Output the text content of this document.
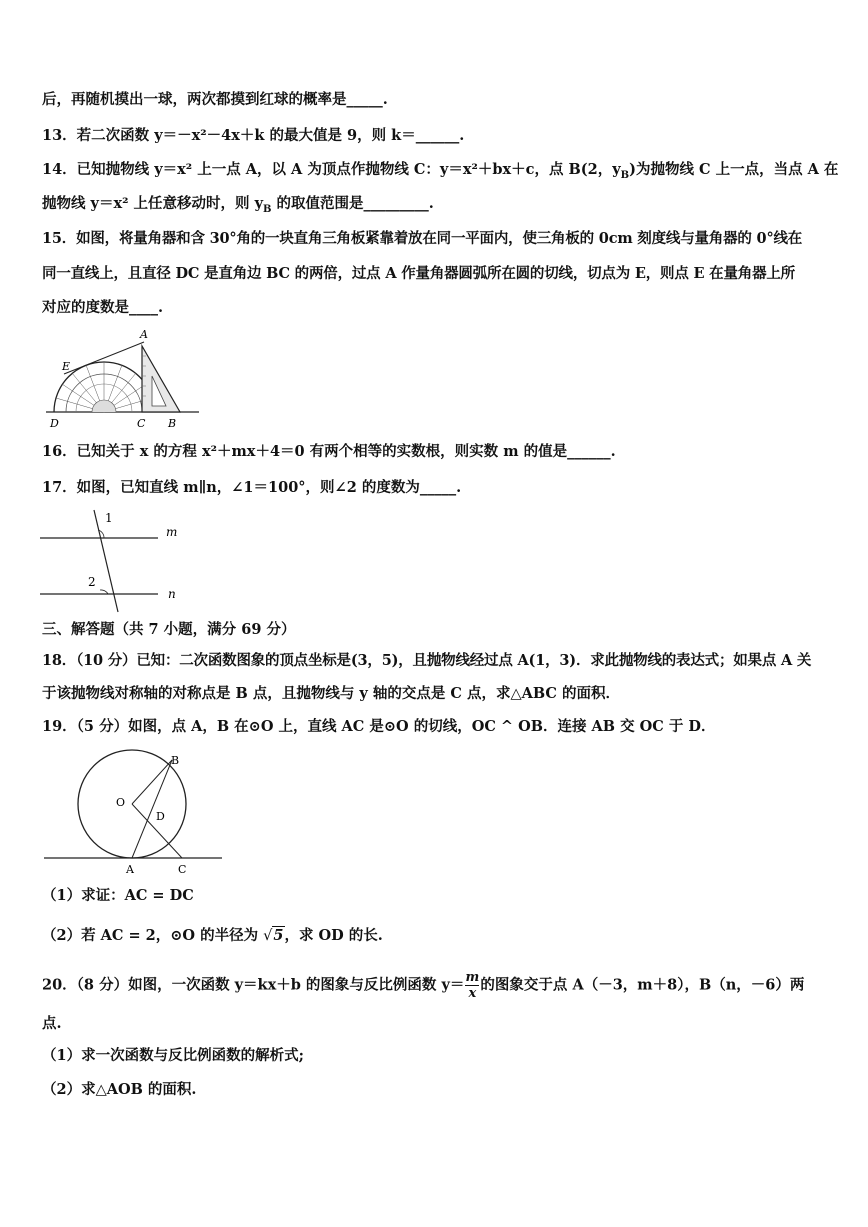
后，再随机摸出一球，两次都摸到红球的概率是_____.
13．若二次函数 y＝－x²－4x＋k 的最大值是 9，则 k＝______.
14．已知抛物线 y＝x² 上一点 A，以 A 为顶点作抛物线 C：y＝x²＋bx＋c，点 B(2，$y_B$)为抛物线 C 上一点，当点 A 在
抛物线 y＝x² 上任意移动时，则 $y_B$ 的取值范围是_________.
15．如图，将量角器和含 30°角的一块直角三角板紧靠着放在同一平面内，使三角板的 0cm 刻度线与量角器的 0°线在
同一直线上，且直径 DC 是直角边 BC 的两倍，过点 A 作量角器圆弧所在圆的切线，切点为 E，则点 E 在量角器上所
对应的度数是____.
A
E
D	C B
16．已知关于 x 的方程 x²＋mx＋4＝0 有两个相等的实数根，则实数 m 的值是______.
17．如图，已知直线 m∥n，∠1＝100°，则∠2 的度数为_____.
1
2
m
n
三、解答题（共 7 小题，满分 69 分）
18．（10 分）已知：二次函数图象的顶点坐标是(3，5)，且抛物线经过点 A(1，3)．求此抛物线的表达式；如果点 A 关
于该抛物线对称轴的对称点是 B 点，且抛物线与 y 轴的交点是 C 点，求△ABC 的面积．
19．（5 分）如图，点 A，B 在⊙O 上，直线 AC 是⊙O 的切线，OC ^ OB．连接 AB 交 OC 于 D．
B
O
D
A	C
（1）求证：AC = DC
（2）若 AC = 2，⊙O 的半径为 √5，求 OD 的长.
20．（8 分）如图，一次函数 y＝kx＋b 的图象与反比例函数 $y= \frac{m}{x}$ 的图象交于点 A（－3，m＋8），B（n，－6）两
点.
（1）求一次函数与反比例函数的解析式;
（2）求△AOB 的面积.
